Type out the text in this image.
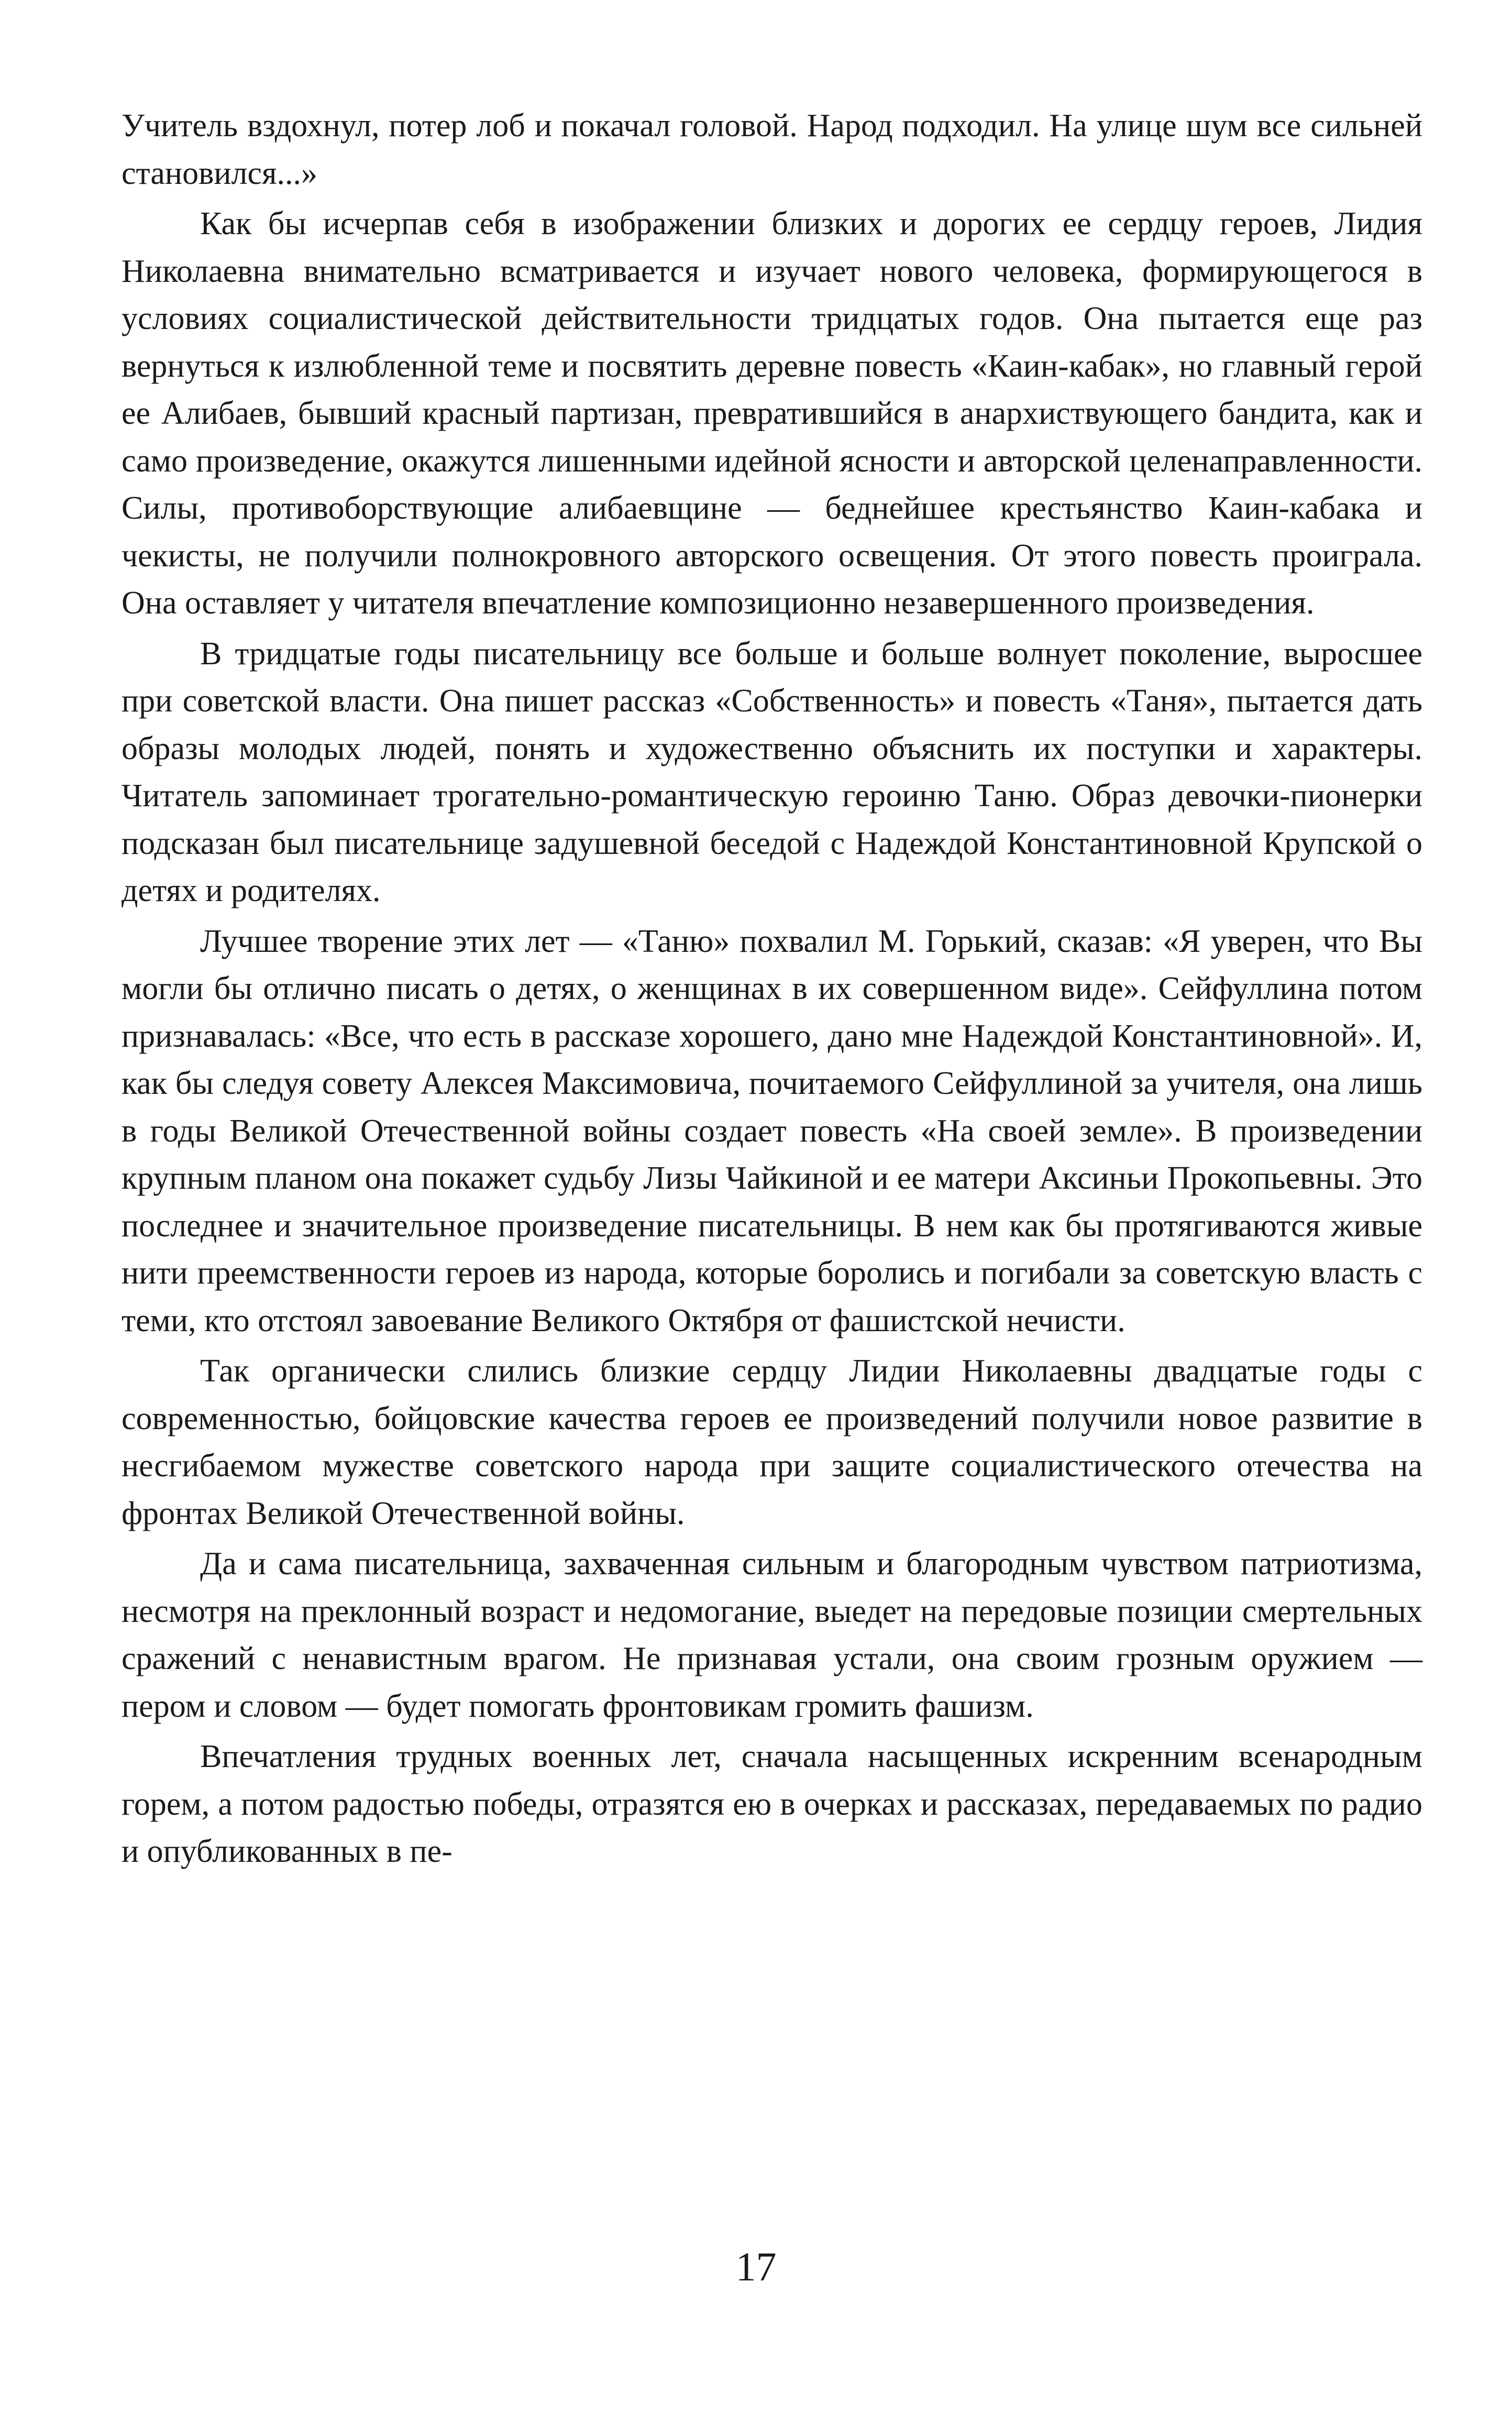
Учитель вздохнул, потер лоб и покачал головой. Народ подходил. На улице шум все сильней становился...»

Как бы исчерпав себя в изображении близких и дорогих ее сердцу героев, Лидия Николаевна внимательно всматривается и изучает нового человека, формирующегося в условиях социалистической действительности тридцатых годов. Она пытается еще раз вернуться к излюбленной теме и посвятить деревне повесть «Каин-кабак», но главный герой ее Алибаев, бывший красный партизан, превратившийся в анархиствующего бандита, как и само произведение, окажутся лишенными идейной ясности и авторской целенаправленности. Силы, противоборствующие алибаевщине — беднейшее крестьянство Каин-кабака и чекисты, не получили полнокровного авторского освещения. От этого повесть проиграла. Она оставляет у читателя впечатление композиционно незавершенного произведения.

В тридцатые годы писательницу все больше и больше волнует поколение, выросшее при советской власти. Она пишет рассказ «Собственность» и повесть «Таня», пытается дать образы молодых людей, понять и художественно объяснить их поступки и характеры. Читатель запоминает трогательно-романтическую героиню Таню. Образ девочки-пионерки подсказан был писательнице задушевной беседой с Надеждой Константиновной Крупской о детях и родителях.

Лучшее творение этих лет — «Таню» похвалил М. Горький, сказав: «Я уверен, что Вы могли бы отлично писать о детях, о женщинах в их совершенном виде». Сейфуллина потом признавалась: «Все, что есть в рассказе хорошего, дано мне Надеждой Константиновной». И, как бы следуя совету Алексея Максимовича, почитаемого Сейфуллиной за учителя, она лишь в годы Великой Отечественной войны создает повесть «На своей земле». В произведении крупным планом она покажет судьбу Лизы Чайкиной и ее матери Аксиньи Прокопьевны. Это последнее и значительное произведение писательницы. В нем как бы протягиваются живые нити преемственности героев из народа, которые боролись и погибали за советскую власть с теми, кто отстоял завоевание Великого Октября от фашистской нечисти.

Так органически слились близкие сердцу Лидии Николаевны двадцатые годы с современностью, бойцовские качества героев ее произведений получили новое развитие в несгибаемом мужестве советского народа при защите социалистического отечества на фронтах Великой Отечественной войны.

Да и сама писательница, захваченная сильным и благородным чувством патриотизма, несмотря на преклонный возраст и недомогание, выедет на передовые позиции смертельных сражений с ненавистным врагом. Не признавая устали, она своим грозным оружием — пером и словом — будет помогать фронтовикам громить фашизм.

Впечатления трудных военных лет, сначала насыщенных искренним всенародным горем, а потом радостью победы, отразятся ею в очерках и рассказах, передаваемых по радио и опубликованных в пе-

17
